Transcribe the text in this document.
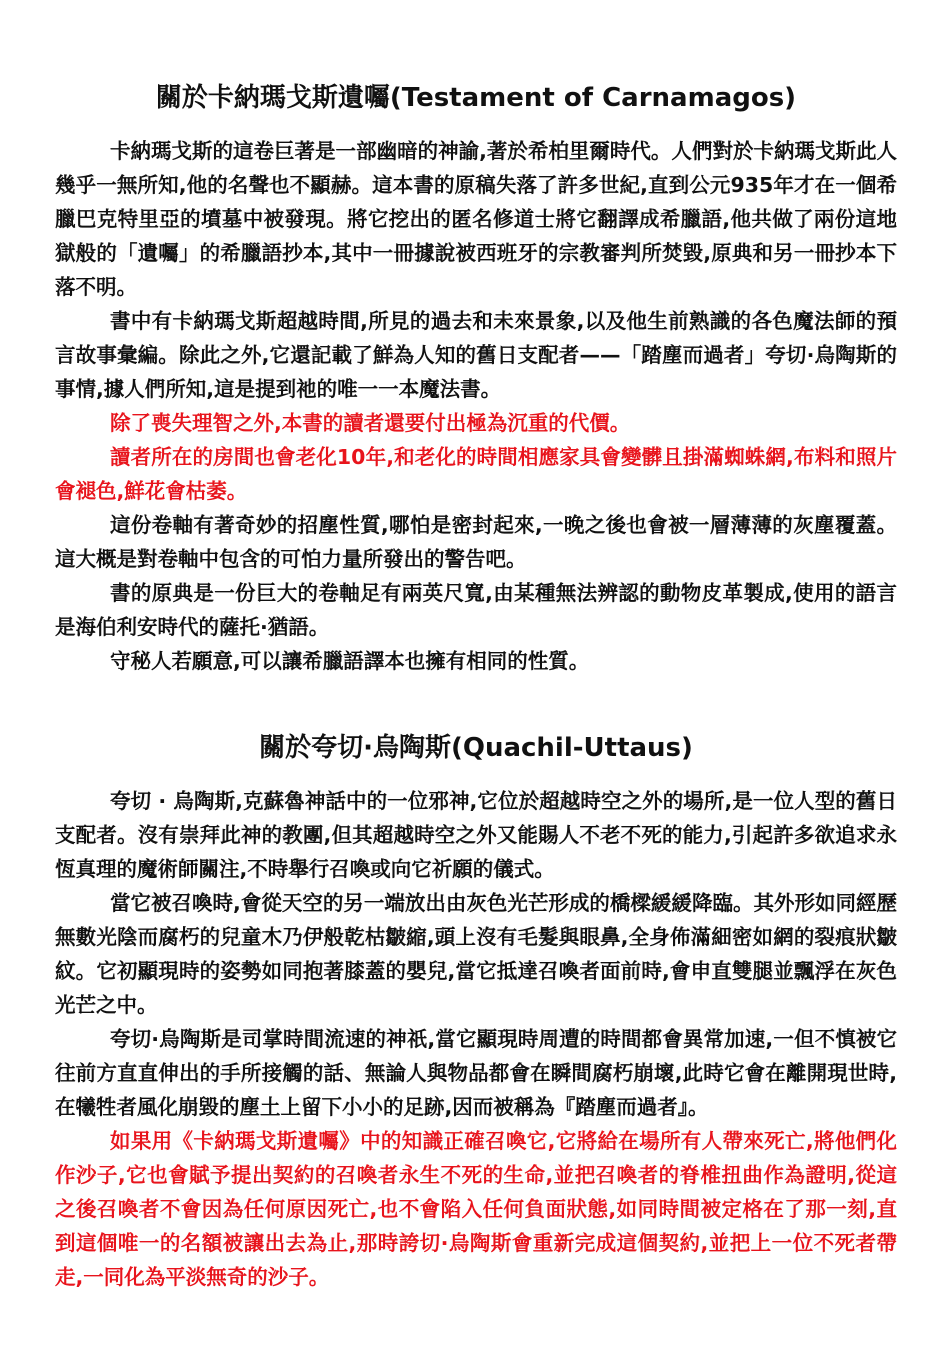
關於卡納瑪戈斯遺囑(Testament of Carnamagos)

卡納瑪戈斯的這卷巨著是一部幽暗的神諭,著於希柏里爾時代。人們對於卡納瑪戈斯此人幾乎一無所知,他的名聲也不顯赫。這本書的原稿失落了許多世紀,直到公元935年才在一個希臘巴克特里亞的墳墓中被發現。將它挖出的匿名修道士將它翻譯成希臘語,他共做了兩份這地獄般的「遺囑」的希臘語抄本,其中一冊據說被西班牙的宗教審判所焚毀,原典和另一冊抄本下落不明。

書中有卡納瑪戈斯超越時間,所見的過去和未來景象,以及他生前熟識的各色魔法師的預言故事彙編。除此之外,它還記載了鮮為人知的舊日支配者——「踏塵而過者」夸切·烏陶斯的事情,據人們所知,這是提到祂的唯一一本魔法書。

除了喪失理智之外,本書的讀者還要付出極為沉重的代價。

讀者所在的房間也會老化10年,和老化的時間相應家具會變髒且掛滿蜘蛛網,布料和照片會褪色,鮮花會枯萎。

這份卷軸有著奇妙的招塵性質,哪怕是密封起來,一晚之後也會被一層薄薄的灰塵覆蓋。這大概是對卷軸中包含的可怕力量所發出的警告吧。

書的原典是一份巨大的卷軸足有兩英尺寬,由某種無法辨認的動物皮革製成,使用的語言是海伯利安時代的薩托·猶語。

守秘人若願意,可以讓希臘語譯本也擁有相同的性質。

關於夸切·烏陶斯(Quachil-Uttaus)

夸切 · 烏陶斯,克蘇魯神話中的一位邪神,它位於超越時空之外的場所,是一位人型的舊日支配者。沒有崇拜此神的教團,但其超越時空之外又能賜人不老不死的能力,引起許多欲追求永恆真理的魔術師關注,不時舉行召喚或向它祈願的儀式。

當它被召喚時,會從天空的另一端放出由灰色光芒形成的橋樑緩緩降臨。其外形如同經歷無數光陰而腐朽的兒童木乃伊般乾枯皺縮,頭上沒有毛髮與眼鼻,全身佈滿細密如網的裂痕狀皺紋。它初顯現時的姿勢如同抱著膝蓋的嬰兒,當它抵達召喚者面前時,會申直雙腿並飄浮在灰色光芒之中。

夸切·烏陶斯是司掌時間流速的神祇,當它顯現時周遭的時間都會異常加速,一但不慎被它往前方直直伸出的手所接觸的話、無論人與物品都會在瞬間腐朽崩壞,此時它會在離開現世時,在犧牲者風化崩毀的塵土上留下小小的足跡,因而被稱為『踏塵而過者』。

如果用《卡納瑪戈斯遺囑》中的知識正確召喚它,它將給在場所有人帶來死亡,將他們化作沙子,它也會賦予提出契約的召喚者永生不死的生命,並把召喚者的脊椎扭曲作為證明,從這之後召喚者不會因為任何原因死亡,也不會陷入任何負面狀態,如同時間被定格在了那一刻,直到這個唯一的名額被讓出去為止,那時誇切·烏陶斯會重新完成這個契約,並把上一位不死者帶走,一同化為平淡無奇的沙子。
